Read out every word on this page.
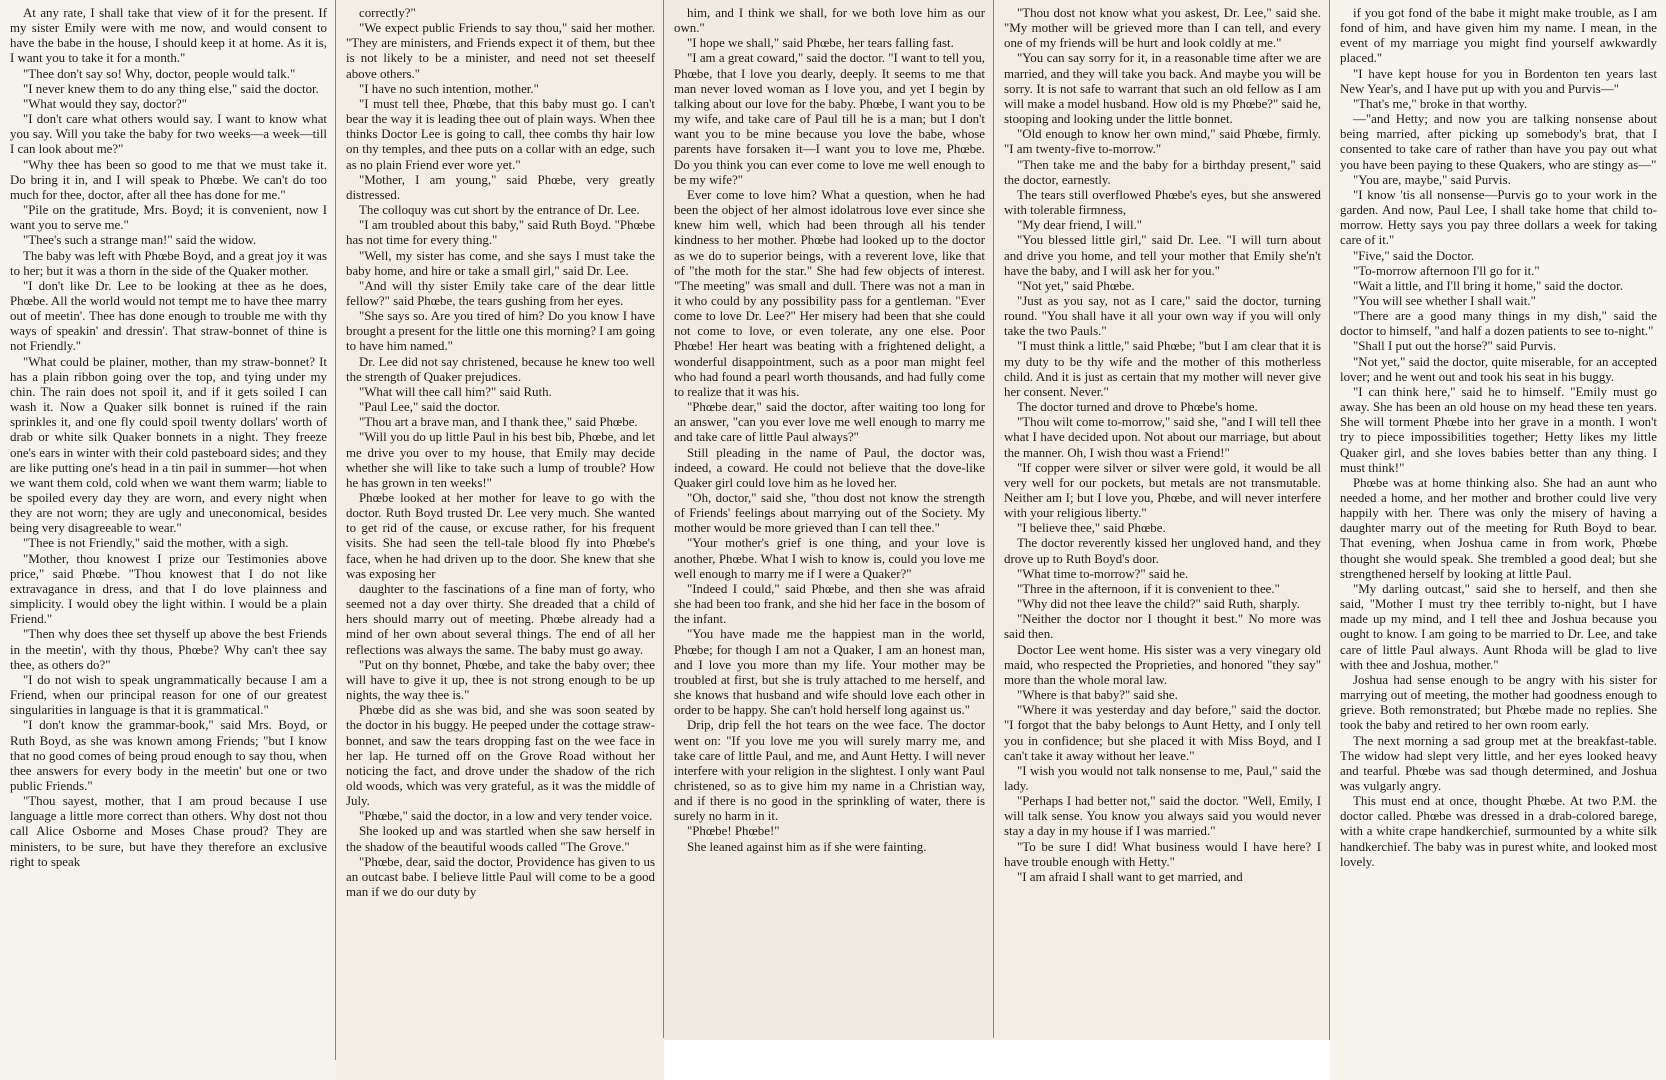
At any rate, I shall take that view of it for the present. If my sister Emily were with me now, and would consent to have the babe in the house, I should keep it at home. As it is, I want you to take it for a month."

"Thee don't say so! Why, doctor, people would talk."

"I never knew them to do any thing else," said the doctor.

"What would they say, doctor?"

"I don't care what others would say. I want to know what you say. Will you take the baby for two weeks—a week—till I can look about me?"

"Why thee has been so good to me that we must take it. Do bring it in, and I will speak to Phœbe. We can't do too much for thee, doctor, after all thee has done for me."

"Pile on the gratitude, Mrs. Boyd; it is convenient, now I want you to serve me."

"Thee's such a strange man!" said the widow.

The baby was left with Phœbe Boyd, and a great joy it was to her; but it was a thorn in the side of the Quaker mother.

"I don't like Dr. Lee to be looking at thee as he does, Phœbe. All the world would not tempt me to have thee marry out of meetin'. Thee has done enough to trouble me with thy ways of speakin' and dressin'. That straw-bonnet of thine is not Friendly."

"What could be plainer, mother, than my straw-bonnet? It has a plain ribbon going over the top, and tying under my chin. The rain does not spoil it, and if it gets soiled I can wash it. Now a Quaker silk bonnet is ruined if the rain sprinkles it, and one fly could spoil twenty dollars' worth of drab or white silk Quaker bonnets in a night. They freeze one's ears in winter with their cold pasteboard sides; and they are like putting one's head in a tin pail in summer—hot when we want them cold, cold when we want them warm; liable to be spoiled every day they are worn, and every night when they are not worn; they are ugly and uneconomical, besides being very disagreeable to wear."

"Thee is not Friendly," said the mother, with a sigh.

"Mother, thou knowest I prize our Testimonies above price," said Phœbe. "Thou knowest that I do not like extravagance in dress, and that I do love plainness and simplicity. I would obey the light within. I would be a plain Friend."

"Then why does thee set thyself up above the best Friends in the meetin', with thy thous, Phœbe? Why can't thee say thee, as others do?"

"I do not wish to speak ungrammatically because I am a Friend, when our principal reason for one of our greatest singularities in language is that it is grammatical."

"I don't know the grammar-book," said Mrs. Boyd, or Ruth Boyd, as she was known among Friends; "but I know that no good comes of being proud enough to say thou, when thee answers for every body in the meetin' but one or two public Friends."

"Thou sayest, mother, that I am proud because I use language a little more correct than others. Why dost not thou call Alice Osborne and Moses Chase proud? They are ministers, to be sure, but have they therefore an exclusive right to speak

correctly?"

"We expect public Friends to say thou," said her mother. "They are ministers, and Friends expect it of them, but thee is not likely to be a minister, and need not set theeself above others."

"I have no such intention, mother."

"I must tell thee, Phœbe, that this baby must go. I can't bear the way it is leading thee out of plain ways. When thee thinks Doctor Lee is going to call, thee combs thy hair low on thy temples, and thee puts on a collar with an edge, such as no plain Friend ever wore yet."

"Mother, I am young," said Phœbe, very greatly distressed.

The colloquy was cut short by the entrance of Dr. Lee.

"I am troubled about this baby," said Ruth Boyd. "Phœbe has not time for every thing."

"Well, my sister has come, and she says I must take the baby home, and hire or take a small girl," said Dr. Lee.

"And will thy sister Emily take care of the dear little fellow?" said Phœbe, the tears gushing from her eyes.

"She says so. Are you tired of him? Do you know I have brought a present for the little one this morning? I am going to have him named."

Dr. Lee did not say christened, because he knew too well the strength of Quaker prejudices.

"What will thee call him?" said Ruth.

"Paul Lee," said the doctor.

"Thou art a brave man, and I thank thee," said Phœbe.

"Will you do up little Paul in his best bib, Phœbe, and let me drive you over to my house, that Emily may decide whether she will like to take such a lump of trouble? How he has grown in ten weeks!"

Phœbe looked at her mother for leave to go with the doctor. Ruth Boyd trusted Dr. Lee very much. She wanted to get rid of the cause, or excuse rather, for his frequent visits. She had seen the tell-tale blood fly into Phœbe's face, when he had driven up to the door. She knew that she was exposing her

daughter to the fascinations of a fine man of forty, who seemed not a day over thirty. She dreaded that a child of hers should marry out of meeting. Phœbe already had a mind of her own about several things. The end of all her reflections was always the same. The baby must go away.

"Put on thy bonnet, Phœbe, and take the baby over; thee will have to give it up, thee is not strong enough to be up nights, the way thee is."

Phœbe did as she was bid, and she was soon seated by the doctor in his buggy. He peeped under the cottage straw-bonnet, and saw the tears dropping fast on the wee face in her lap. He turned off on the Grove Road without her noticing the fact, and drove under the shadow of the rich old woods, which was very grateful, as it was the middle of July.

"Phœbe," said the doctor, in a low and very tender voice.

She looked up and was startled when she saw herself in the shadow of the beautiful woods called "The Grove."

"Phœbe, dear, said the doctor, Providence has given to us an outcast babe. I believe little Paul will come to be a good man if we do our duty by

him, and I think we shall, for we both love him as our own."

"I hope we shall," said Phœbe, her tears falling fast.

"I am a great coward," said the doctor. "I want to tell you, Phœbe, that I love you dearly, deeply. It seems to me that man never loved woman as I love you, and yet I begin by talking about our love for the baby. Phœbe, I want you to be my wife, and take care of Paul till he is a man; but I don't want you to be mine because you love the babe, whose parents have forsaken it—I want you to love me, Phœbe. Do you think you can ever come to love me well enough to be my wife?"

Ever come to love him? What a question, when he had been the object of her almost idolatrous love ever since she knew him well, which had been through all his tender kindness to her mother. Phœbe had looked up to the doctor as we do to superior beings, with a reverent love, like that of "the moth for the star." She had few objects of interest. "The meeting" was small and dull. There was not a man in it who could by any possibility pass for a gentleman. "Ever come to love Dr. Lee?" Her misery had been that she could not come to love, or even tolerate, any one else. Poor Phœbe! Her heart was beating with a frightened delight, a wonderful disappointment, such as a poor man might feel who had found a pearl worth thousands, and had fully come to realize that it was his.

"Phœbe dear," said the doctor, after waiting too long for an answer, "can you ever love me well enough to marry me and take care of little Paul always?"

Still pleading in the name of Paul, the doctor was, indeed, a coward. He could not believe that the dove-like Quaker girl could love him as he loved her.

"Oh, doctor," said she, "thou dost not know the strength of Friends' feelings about marrying out of the Society. My mother would be more grieved than I can tell thee."

"Your mother's grief is one thing, and your love is another, Phœbe. What I wish to know is, could you love me well enough to marry me if I were a Quaker?"

"Indeed I could," said Phœbe, and then she was afraid she had been too frank, and she hid her face in the bosom of the infant.

"You have made me the happiest man in the world, Phœbe; for though I am not a Quaker, I am an honest man, and I love you more than my life. Your mother may be troubled at first, but she is truly attached to me herself, and she knows that husband and wife should love each other in order to be happy. She can't hold herself long against us."

Drip, drip fell the hot tears on the wee face. The doctor went on: "If you love me you will surely marry me, and take care of little Paul, and me, and Aunt Hetty. I will never interfere with your religion in the slightest. I only want Paul christened, so as to give him my name in a Christian way, and if there is no good in the sprinkling of water, there is surely no harm in it.

"Phœbe! Phœbe!"

She leaned against him as if she were fainting.

"Thou dost not know what you askest, Dr. Lee," said she. "My mother will be grieved more than I can tell, and every one of my friends will be hurt and look coldly at me."

"You can say sorry for it, in a reasonable time after we are married, and they will take you back. And maybe you will be sorry. It is not safe to warrant that such an old fellow as I am will make a model husband. How old is my Phœbe?" said he, stooping and looking under the little bonnet.

"Old enough to know her own mind," said Phœbe, firmly. "I am twenty-five to-morrow."

"Then take me and the baby for a birthday present," said the doctor, earnestly.

The tears still overflowed Phœbe's eyes, but she answered with tolerable firmness,

"My dear friend, I will."

"You blessed little girl," said Dr. Lee. "I will turn about and drive you home, and tell your mother that Emily she'n't have the baby, and I will ask her for you."

"Not yet," said Phœbe.

"Just as you say, not as I care," said the doctor, turning round. "You shall have it all your own way if you will only take the two Pauls."

"I must think a little," said Phœbe; "but I am clear that it is my duty to be thy wife and the mother of this motherless child. And it is just as certain that my mother will never give her consent. Never."

The doctor turned and drove to Phœbe's home.

"Thou wilt come to-morrow," said she, "and I will tell thee what I have decided upon. Not about our marriage, but about the manner. Oh, I wish thou wast a Friend!"

"If copper were silver or silver were gold, it would be all very well for our pockets, but metals are not transmutable. Neither am I; but I love you, Phœbe, and will never interfere with your religious liberty."

"I believe thee," said Phœbe.

The doctor reverently kissed her ungloved hand, and they drove up to Ruth Boyd's door.

"What time to-morrow?" said he.

"Three in the afternoon, if it is convenient to thee."

"Why did not thee leave the child?" said Ruth, sharply.

"Neither the doctor nor I thought it best." No more was said then.

Doctor Lee went home. His sister was a very vinegary old maid, who respected the Proprieties, and honored "they say" more than the whole moral law.

"Where is that baby?" said she.

"Where it was yesterday and day before," said the doctor. "I forgot that the baby belongs to Aunt Hetty, and I only tell you in confidence; but she placed it with Miss Boyd, and I can't take it away without her leave."

"I wish you would not talk nonsense to me, Paul," said the lady.

"Perhaps I had better not," said the doctor. "Well, Emily, I will talk sense. You know you always said you would never stay a day in my house if I was married."

"To be sure I did! What business would I have here? I have trouble enough with Hetty."

"I am afraid I shall want to get married, and

if you got fond of the babe it might make trouble, as I am fond of him, and have given him my name. I mean, in the event of my marriage you might find yourself awkwardly placed."

"I have kept house for you in Bordenton ten years last New Year's, and I have put up with you and Purvis—"

"That's me," broke in that worthy.

—"and Hetty; and now you are talking nonsense about being married, after picking up somebody's brat, that I consented to take care of rather than have you pay out what you have been paying to these Quakers, who are stingy as—"

"You are, maybe," said Purvis.

"I know 'tis all nonsense—Purvis go to your work in the garden. And now, Paul Lee, I shall take home that child to-morrow. Hetty says you pay three dollars a week for taking care of it."

"Five," said the Doctor.

"To-morrow afternoon I'll go for it."

"Wait a little, and I'll bring it home," said the doctor.

"You will see whether I shall wait."

"There are a good many things in my dish," said the doctor to himself, "and half a dozen patients to see to-night."

"Shall I put out the horse?" said Purvis.

"Not yet," said the doctor, quite miserable, for an accepted lover; and he went out and took his seat in his buggy.

"I can think here," said he to himself. "Emily must go away. She has been an old house on my head these ten years. She will torment Phœbe into her grave in a month. I won't try to piece impossibilities together; Hetty likes my little Quaker girl, and she loves babies better than any thing. I must think!"

Phœbe was at home thinking also. She had an aunt who needed a home, and her mother and brother could live very happily with her. There was only the misery of having a daughter marry out of the meeting for Ruth Boyd to bear. That evening, when Joshua came in from work, Phœbe thought she would speak. She trembled a good deal; but she strengthened herself by looking at little Paul.

"My darling outcast," said she to herself, and then she said, "Mother I must try thee terribly to-night, but I have made up my mind, and I tell thee and Joshua because you ought to know. I am going to be married to Dr. Lee, and take care of little Paul always. Aunt Rhoda will be glad to live with thee and Joshua, mother."

Joshua had sense enough to be angry with his sister for marrying out of meeting, the mother had goodness enough to grieve. Both remonstrated; but Phœbe made no replies. She took the baby and retired to her own room early.

The next morning a sad group met at the breakfast-table. The widow had slept very little, and her eyes looked heavy and tearful. Phœbe was sad though determined, and Joshua was vulgarly angry.

This must end at once, thought Phœbe. At two P.M. the doctor called. Phœbe was dressed in a drab-colored barege, with a white crape handkerchief, surmounted by a white silk handkerchief. The baby was in purest white, and looked most lovely.
